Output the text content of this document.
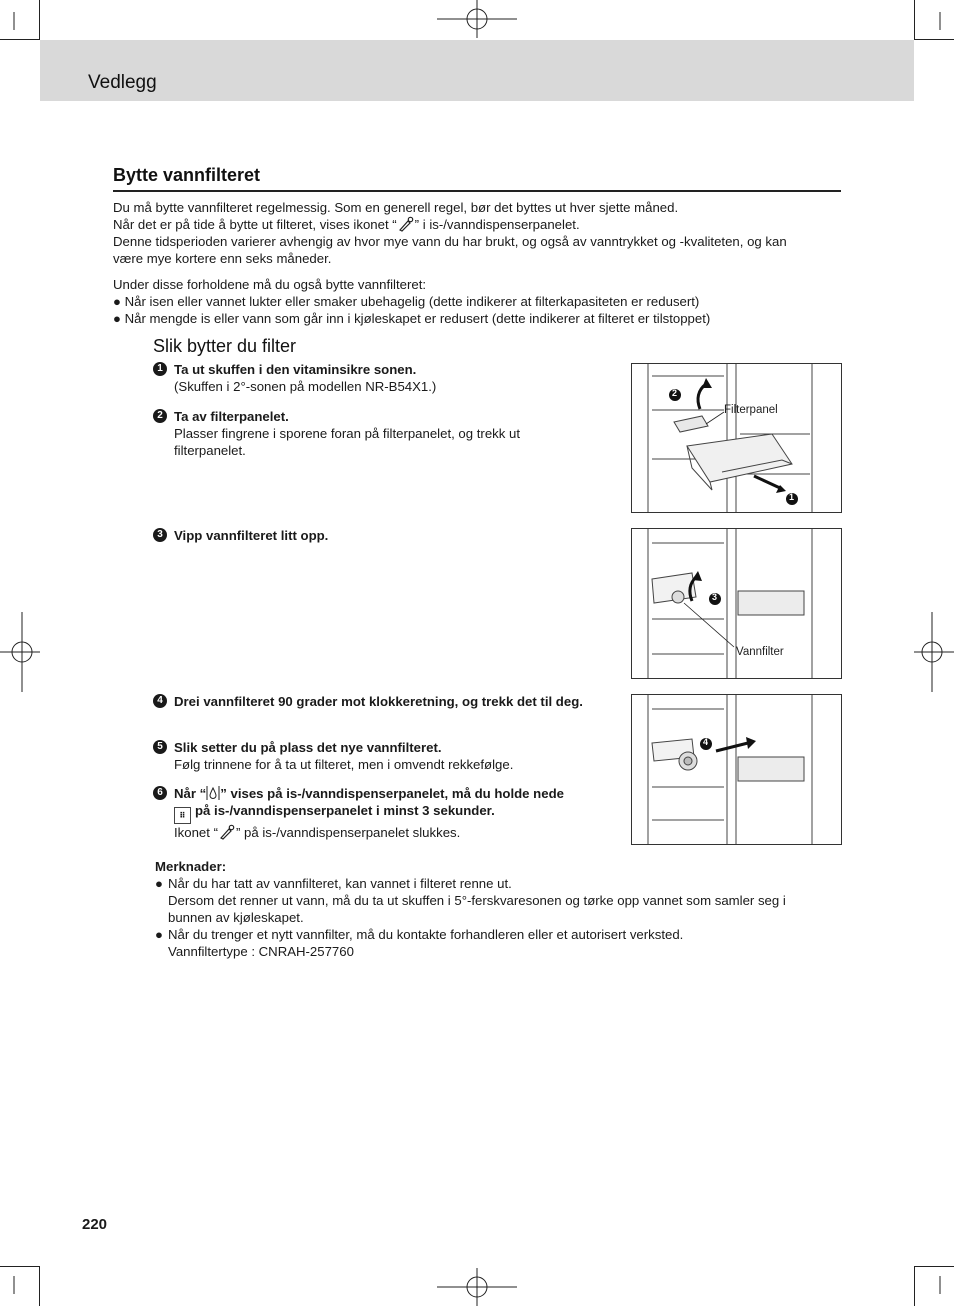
Vedlegg
Bytte vannfilteret
Du må bytte vannfilteret regelmessig. Som en generell regel, bør det byttes ut hver sjette måned.
Når det er på tide å bytte ut filteret, vises ikonet “ ” i is-/vanndispenserpanelet.
Denne tidsperioden varierer avhengig av hvor mye vann du har brukt, og også av vanntrykket og -kvaliteten, og kan
være mye kortere enn seks måneder.
Under disse forholdene må du også bytte vannfilteret:
● Når isen eller vannet lukter eller smaker ubehagelig (dette indikerer at filterkapasiteten er redusert)
● Når mengde is eller vann som går inn i kjøleskapet er redusert (dette indikerer at filteret er tilstoppet)
Slik bytter du filter
1 Ta ut skuffen i den vitaminsikre sonen.
(Skuffen i 2°-sonen på modellen NR-B54X1.)
2 Ta av filterpanelet.
Plasser fingrene i sporene foran på filterpanelet, og trekk ut filterpanelet.
3 Vipp vannfilteret litt opp.
4 Drei vannfilteret 90 grader mot klokkeretning, og trekk det til deg.
5 Slik setter du på plass det nye vannfilteret.
Følg trinnene for å ta ut filteret, men i omvendt rekkefølge.
6 Når “ ” vises på is-/vanndispenserpanelet, må du holde nede
⠿ på is-/vanndispenserpanelet i minst 3 sekunder.
Ikonet “ ” på is-/vanndispenserpanelet slukkes.
Filterpanel
2
1
Vannfilter
3
4
Merknader:
● Når du har tatt av vannfilteret, kan vannet i filteret renne ut.
Dersom det renner ut vann, må du ta ut skuffen i 5°-ferskvaresonen og tørke opp vannet som samler seg i
bunnen av kjøleskapet.
● Når du trenger et nytt vannfilter, må du kontakte forhandleren eller et autorisert verksted.
Vannfiltertype : CNRAH-257760
220
